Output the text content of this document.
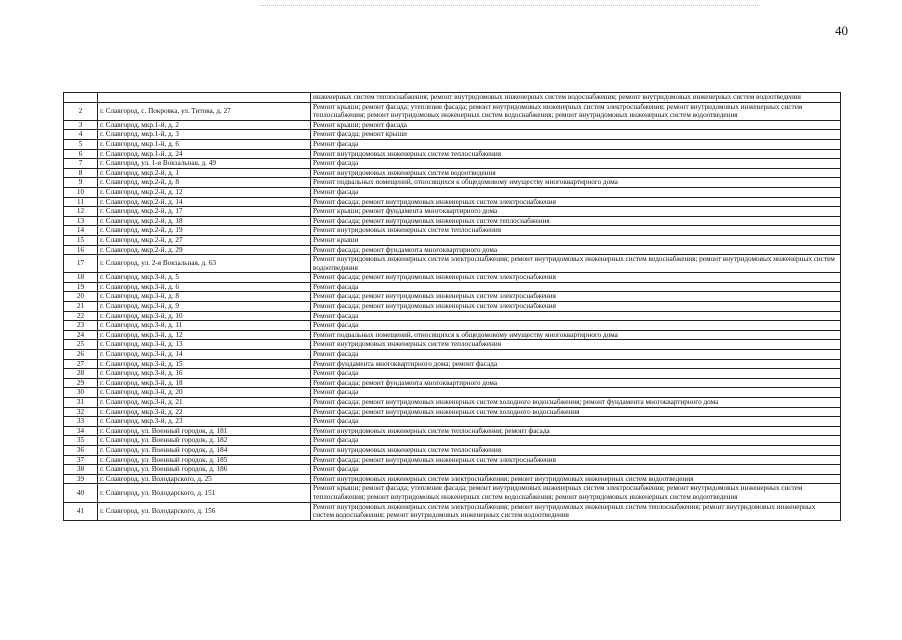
40
		инженерных систем теплоснабжения; ремонт внутридомовых инженерных систем водоснабжения; ремонт внутридомовых инженерных систем водоотведения
2	г. Славгород, с. Покровка, ул. Титова, д. 27	Ремонт крыши; ремонт фасада; утепление фасада; ремонт внутридомовых инженерных систем электроснабжения; ремонт внутридомовых инженерных систем теплоснабжения; ремонт внутридомовых инженерных систем водоснабжения; ремонт внутридомовых инженерных систем водоотведения
3	г. Славгород, мкр.1-й, д. 2	Ремонт крыши; ремонт фасада
4	г. Славгород, мкр.1-й, д. 3	Ремонт фасада; ремонт крыши
5	г. Славгород, мкр.1-й, д. 6	Ремонт фасада
6	г. Славгород, мкр.1-й, д. 24	Ремонт внутридомовых инженерных систем теплоснабжения
7	г. Славгород, ул. 1-я Вокзальная, д. 49	Ремонт фасада
8	г. Славгород, мкр.2-й, д. 1	Ремонт внутридомовых инженерных систем водоотведения
9	г. Славгород, мкр.2-й, д. 8	Ремонт подвальных помещений, относящихся к общедомовому имуществу многоквартирного дома
10	г. Славгород, мкр.2-й, д. 12	Ремонт фасада
11	г. Славгород, мкр.2-й, д. 14	Ремонт фасада; ремонт внутридомовых инженерных систем электроснабжения
12	г. Славгород, мкр.2-й, д. 17	Ремонт крыши; ремонт фундамента многоквартирного дома
13	г. Славгород, мкр.2-й, д. 18	Ремонт фасада; ремонт внутридомовых инженерных систем теплоснабжения
14	г. Славгород, мкр.2-й, д. 19	Ремонт внутридомовых инженерных систем теплоснабжения
15	г. Славгород, мкр.2-й, д. 27	Ремонт крыши
16	г. Славгород, мкр.2-й, д. 29	Ремонт фасада; ремонт фундамента многоквартирного дома
17	г. Славгород, ул. 2-я Вокзальная, д. 63	Ремонт внутридомовых инженерных систем электроснабжения; ремонт внутридомовых инженерных систем водоснабжения; ремонт внутридомовых инженерных систем водоотведения
18	г. Славгород, мкр.3-й, д. 5	Ремонт фасада; ремонт внутридомовых инженерных систем электроснабжения
19	г. Славгород, мкр.3-й, д. 6	Ремонт фасада
20	г. Славгород, мкр.3-й, д. 8	Ремонт фасада; ремонт внутридомовых инженерных систем электроснабжения
21	г. Славгород, мкр.3-й, д. 9	Ремонт фасада; ремонт внутридомовых инженерных систем электроснабжения
22	г. Славгород, мкр.3-й, д. 10	Ремонт фасада
23	г. Славгород, мкр.3-й, д. 11	Ремонт фасада
24	г. Славгород, мкр.3-й, д. 12	Ремонт подвальных помещений, относящихся к общедомовому имуществу многоквартирного дома
25	г. Славгород, мкр.3-й, д. 13	Ремонт внутридомовых инженерных систем теплоснабжения
26	г. Славгород, мкр.3-й, д. 14	Ремонт фасада
27	г. Славгород, мкр.3-й, д. 15	Ремонт фундамента многоквартирного дома; ремонт фасада
28	г. Славгород, мкр.3-й, д. 16	Ремонт фасада
29	г. Славгород, мкр.3-й, д. 18	Ремонт фасада; ремонт фундамента многоквартирного дома
30	г. Славгород, мкр.3-й, д. 20	Ремонт фасада
31	г. Славгород, мкр.3-й, д. 21	Ремонт фасада; ремонт внутридомовых инженерных систем холодного водоснабжения; ремонт фундамента многоквартирного дома
32	г. Славгород, мкр.3-й, д. 22	Ремонт фасада; ремонт внутридомовых инженерных систем холодного водоснабжения
33	г. Славгород, мкр.3-й, д. 23	Ремонт фасада
34	г. Славгород, ул. Военный городок, д. 181	Ремонт внутридомовых инженерных систем теплоснабжения; ремонт фасада
35	г. Славгород, ул. Военный городок, д. 182	Ремонт фасада
36	г. Славгород, ул. Военный городок, д. 184	Ремонт внутридомовых инженерных систем теплоснабжения
37	г. Славгород, ул. Военный городок, д. 185	Ремонт фасада; ремонт внутридомовых инженерных систем электроснабжения
38	г. Славгород, ул. Военный городок, д. 186	Ремонт фасада
39	г. Славгород, ул. Володарского, д. 25	Ремонт внутридомовых инженерных систем электроснабжения; ремонт внутридомовых инженерных систем водоотведения
40	г. Славгород, ул. Володарского, д. 151	Ремонт крыши; ремонт фасада; утепление фасада; ремонт внутридомовых инженерных систем электроснабжения; ремонт внутридомовых инженерных систем теплоснабжения; ремонт внутридомовых инженерных систем водоснабжения; ремонт внутридомовых инженерных систем водоотведения
41	г. Славгород, ул. Володарского, д. 156	Ремонт внутридомовых инженерных систем электроснабжения; ремонт внутридомовых инженерных систем теплоснабжения; ремонт внутридомовых инженерных систем водоснабжения; ремонт внутридомовых инженерных систем водоотведения
